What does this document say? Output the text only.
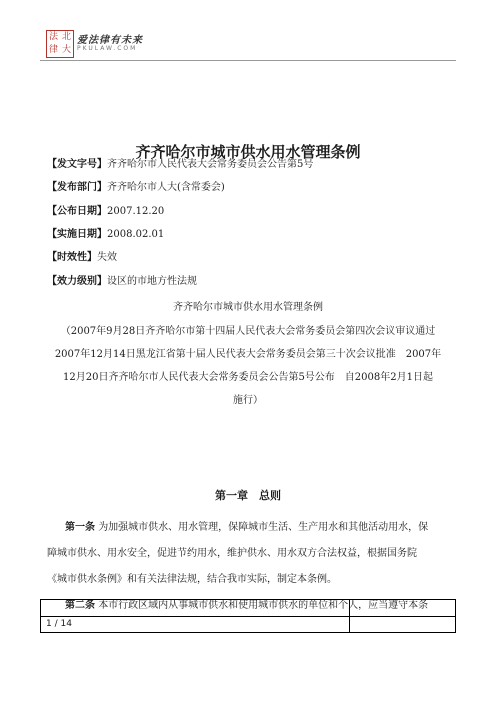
法 北
律 大
爱法律有未来
PKULAW.COM
齐齐哈尔市城市供水用水管理条例
【发文字号】齐齐哈尔市人民代表大会常务委员会公告第5号
【发布部门】齐齐哈尔市人大(含常委会)
【公布日期】2007.12.20
【实施日期】2008.02.01
【时效性】失效
【效力级别】设区的市地方性法规
齐齐哈尔市城市供水用水管理条例
（2007年9月28日齐齐哈尔市第十四届人民代表大会常务委员会第四次会议审议通过
2007年12月14日黑龙江省第十届人民代表大会常务委员会第三十次会议批准　2007年
12月20日齐齐哈尔市人民代表大会常务委员会公告第5号公布　自2008年2月1日起
施行）
第一章　总则
第一条 为加强城市供水、用水管理，保障城市生活、生产用水和其他活动用水，保
障城市供水、用水安全，促进节约用水，维护供水、用水双方合法权益，根据国务院
《城市供水条例》和有关法律法规，结合我市实际，制定本条例。
第二条 本市行政区域内从事城市供水和使用城市供水的单位和个人，应当遵守本条
1 / 14
